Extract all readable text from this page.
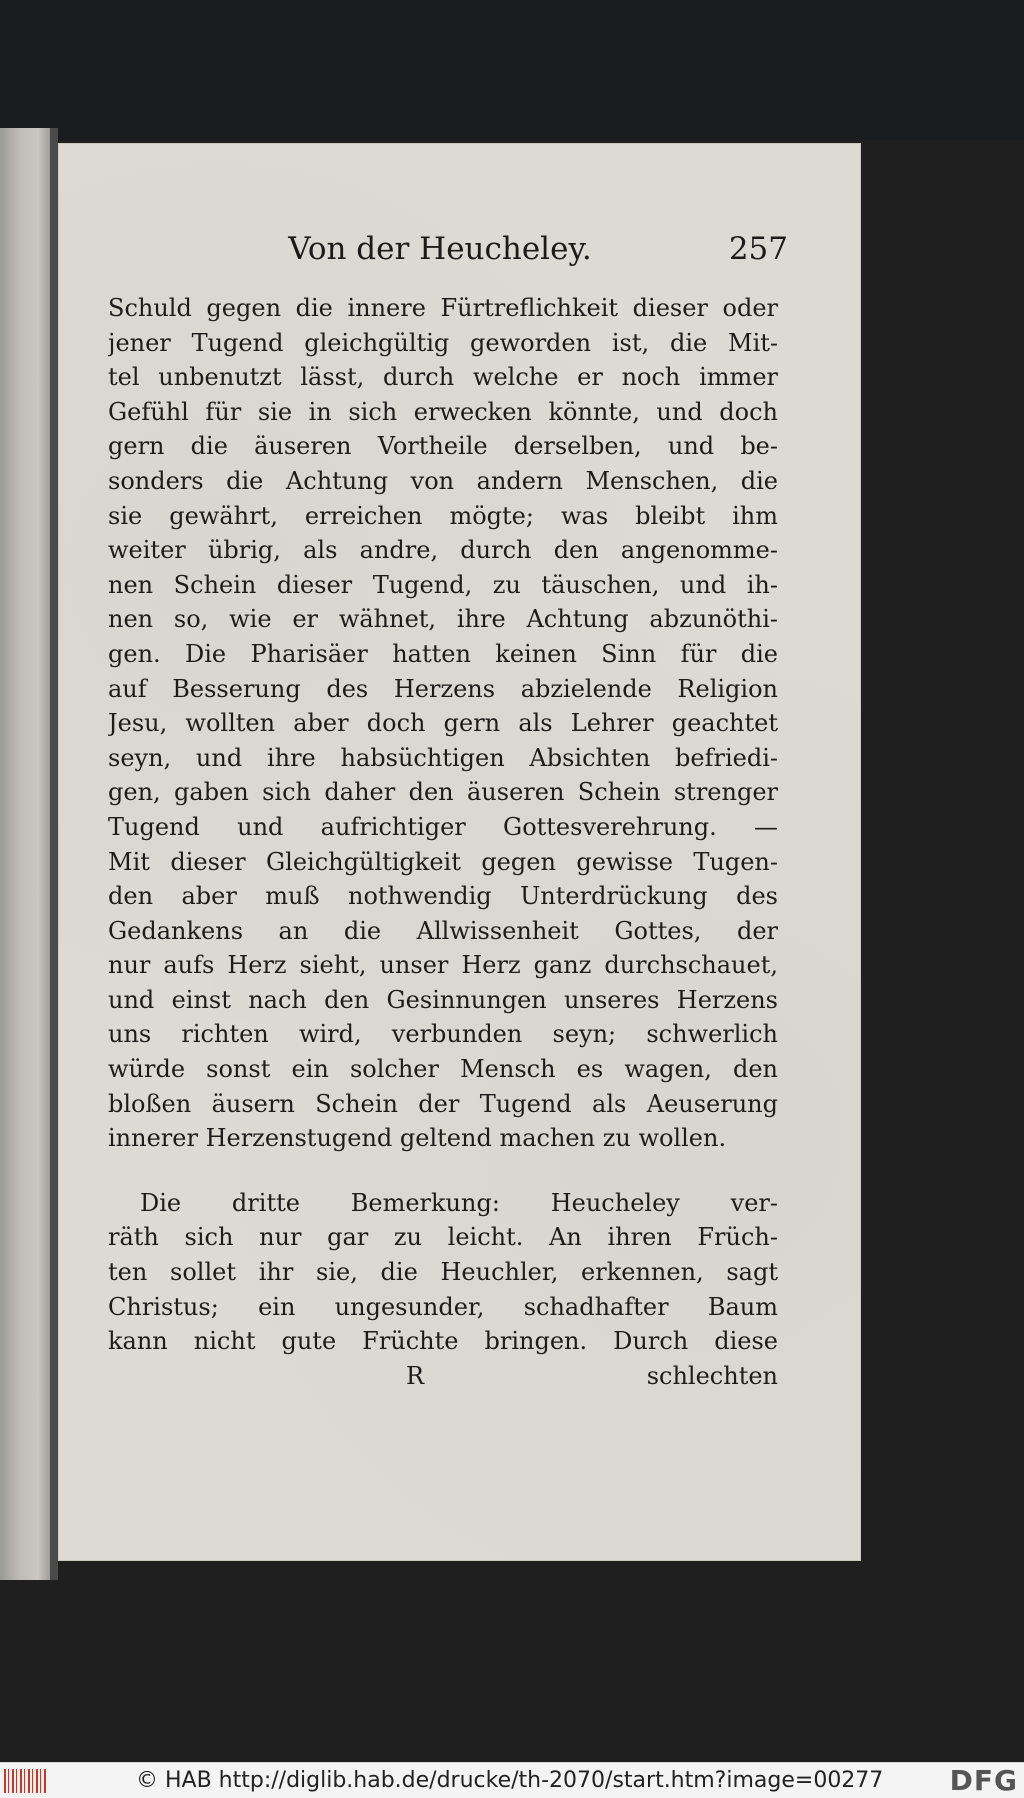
Von der Heucheley.	257
Schuld gegen die innere Fürtreflichkeit dieser oder
jener Tugend gleichgültig geworden ist, die Mit-
tel unbenutzt lässt, durch welche er noch immer
Gefühl für sie in sich erwecken könnte, und doch
gern die äuseren Vortheile derselben, und be-
sonders die Achtung von andern Menschen, die
sie gewährt, erreichen mögte; was bleibt ihm
weiter übrig, als andre, durch den angenomme-
nen Schein dieser Tugend, zu täuschen, und ih-
nen so, wie er wähnet, ihre Achtung abzunöthi-
gen. Die Pharisäer hatten keinen Sinn für die
auf Besserung des Herzens abzielende Religion
Jesu, wollten aber doch gern als Lehrer geachtet
seyn, und ihre habsüchtigen Absichten befriedi-
gen, gaben sich daher den äuseren Schein strenger
Tugend und aufrichtiger Gottesverehrung. —
Mit dieser Gleichgültigkeit gegen gewisse Tugen-
den aber muß nothwendig Unterdrückung des
Gedankens an die Allwissenheit Gottes, der
nur aufs Herz sieht, unser Herz ganz durchschauet,
und einst nach den Gesinnungen unseres Herzens
uns richten wird, verbunden seyn; schwerlich
würde sonst ein solcher Mensch es wagen, den
bloßen äusern Schein der Tugend als Aeuserung
innerer Herzenstugend geltend machen zu wollen.
Die dritte Bemerkung: Heucheley ver-
räth sich nur gar zu leicht. An ihren Früch-
ten sollet ihr sie, die Heuchler, erkennen, sagt
Christus; ein ungesunder, schadhafter Baum
kann nicht gute Früchte bringen. Durch diese
R	schlechten
© HAB http://diglib.hab.de/drucke/th-2070/start.htm?image=00277 DFG
